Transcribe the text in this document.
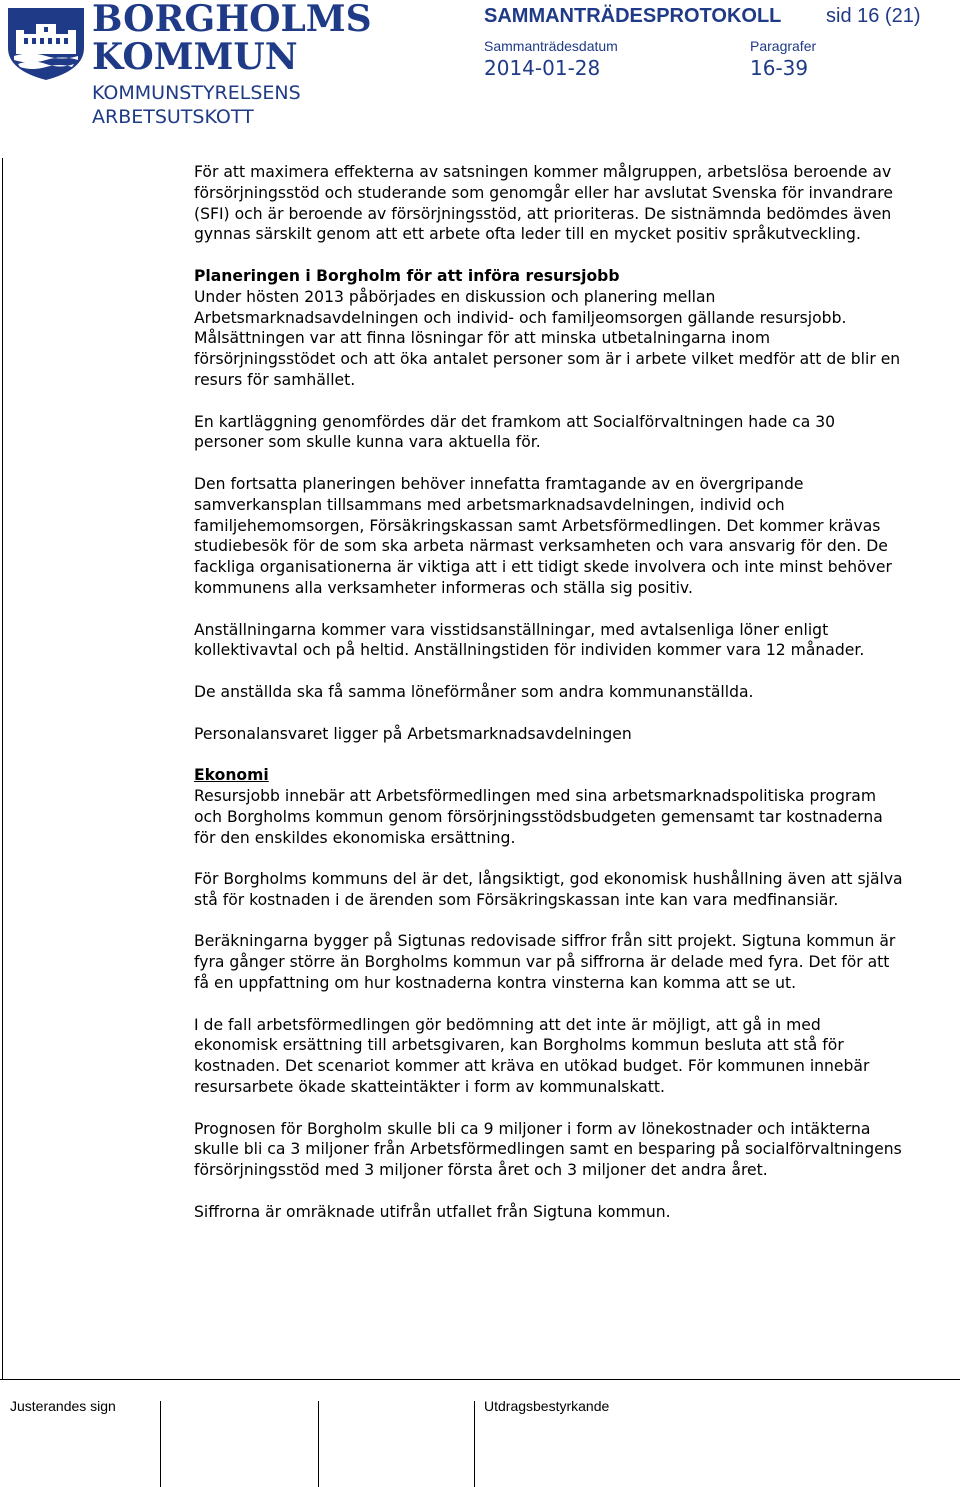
BORGHOLMS
KOMMUN
KOMMUNSTYRELSENS
ARBETSUTSKOTT
SAMMANTRÄDESPROTOKOLL sid 16 (21)
Sammanträdesdatum
2014-01-28
Paragrafer
16-39

För att maximera effekterna av satsningen kommer målgruppen, arbetslösa beroende av försörjningsstöd och studerande som genomgår eller har avslutat Svenska för invandrare (SFI) och är beroende av försörjningsstöd, att prioriteras. De sistnämnda bedömdes även gynnas särskilt genom att ett arbete ofta leder till en mycket positiv språkutveckling.

Planeringen i Borgholm för att införa resursjobb

Under hösten 2013 påbörjades en diskussion och planering mellan Arbetsmarknadsavdelningen och individ- och familjeomsorgen gällande resursjobb. Målsättningen var att finna lösningar för att minska utbetalningarna inom försörjningsstödet och att öka antalet personer som är i arbete vilket medför att de blir en resurs för samhället.

En kartläggning genomfördes där det framkom att Socialförvaltningen hade ca 30 personer som skulle kunna vara aktuella för.

Den fortsatta planeringen behöver innefatta framtagande av en övergripande samverkansplan tillsammans med arbetsmarknadsavdelningen, individ och familjehemomsorgen, Försäkringskassan samt Arbetsförmedlingen. Det kommer krävas studiebesök för de som ska arbeta närmast verksamheten och vara ansvarig för den. De fackliga organisationerna är viktiga att i ett tidigt skede involvera och inte minst behöver kommunens alla verksamheter informeras och ställa sig positiv.

Anställningarna kommer vara visstidsanställningar, med avtalsenliga löner enligt kollektivavtal och på heltid. Anställningstiden för individen kommer vara 12 månader.

De anställda ska få samma löneförmåner som andra kommunanställda.

Personalansvaret ligger på Arbetsmarknadsavdelningen

Ekonomi

Resursjobb innebär att Arbetsförmedlingen med sina arbetsmarknadspolitiska program och Borgholms kommun genom försörjningsstödsbudgeten gemensamt tar kostnaderna för den enskildes ekonomiska ersättning.

För Borgholms kommuns del är det, långsiktigt, god ekonomisk hushållning även att själva stå för kostnaden i de ärenden som Försäkringskassan inte kan vara medfinansiär.

Beräkningarna bygger på Sigtunas redovisade siffror från sitt projekt. Sigtuna kommun är fyra gånger större än Borgholms kommun var på siffrorna är delade med fyra. Det för att få en uppfattning om hur kostnaderna kontra vinsterna kan komma att se ut.

I de fall arbetsförmedlingen gör bedömning att det inte är möjligt, att gå in med ekonomisk ersättning till arbetsgivaren, kan Borgholms kommun besluta att stå för kostnaden. Det scenariot kommer att kräva en utökad budget. För kommunen innebär resursarbete ökade skatteintäkter i form av kommunalskatt.

Prognosen för Borgholm skulle bli ca 9 miljoner i form av lönekostnader och intäkterna skulle bli ca 3 miljoner från Arbetsförmedlingen samt en besparing på socialförvaltningens försörjningsstöd med 3 miljoner första året och 3 miljoner det andra året.

Siffrorna är omräknade utifrån utfallet från Sigtuna kommun.

Justerandes sign	Utdragsbestyrkande
